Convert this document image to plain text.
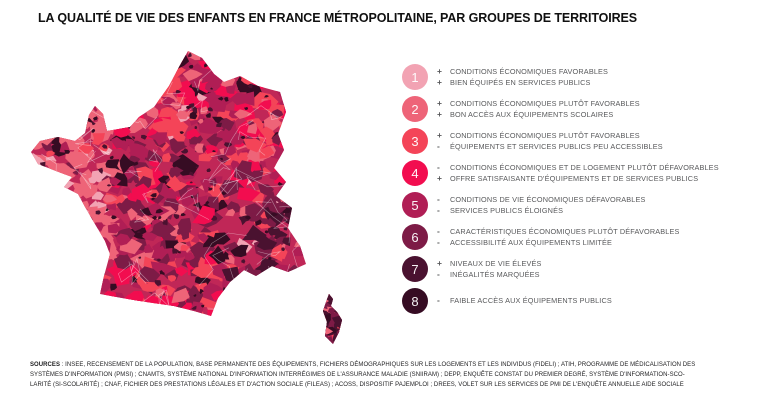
LA QUALITÉ DE VIE DES ENFANTS EN FRANCE MÉTROPOLITAINE, PAR GROUPES DE TERRITOIRES
1	+	CONDITIONS ÉCONOMIQUES FAVORABLES
+	BIEN ÉQUIPÉS EN SERVICES PUBLICS
2	+	CONDITIONS ÉCONOMIQUES PLUTÔT FAVORABLES
+	BON ACCÈS AUX ÉQUIPEMENTS SCOLAIRES
3	+	CONDITIONS ÉCONOMIQUES PLUTÔT FAVORABLES
-	ÉQUIPEMENTS ET SERVICES PUBLICS PEU ACCESSIBLES
4	-	CONDITIONS ÉCONOMIQUES ET DE LOGEMENT PLUTÔT DÉFAVORABLES
+	OFFRE SATISFAISANTE D'ÉQUIPEMENTS ET DE SERVICES PUBLICS
5	-	CONDITIONS DE VIE ÉCONOMIQUES DÉFAVORABLES
-	SERVICES PUBLICS ÉLOIGNÉS
6	-	CARACTÉRISTIQUES ÉCONOMIQUES PLUTÔT DÉFAVORABLES
-	ACCESSIBILITÉ AUX ÉQUIPEMENTS LIMITÉE
7	+	NIVEAUX DE VIE ÉLEVÉS
-	INÉGALITÉS MARQUÉES
8	-	FAIBLE ACCÈS AUX ÉQUIPEMENTS PUBLICS

SOURCES : INSEE, RECENSEMENT DE LA POPULATION, BASE PERMANENTE DES ÉQUIPEMENTS, FICHIERS DÉMOGRAPHIQUES SUR LES LOGEMENTS ET LES INDIVIDUS (FIDELI) ; ATIH, PROGRAMME DE MÉDICALISATION DES
SYSTÈMES D'INFORMATION (PMSI) ; CNAMTS, SYSTÈME NATIONAL D'INFORMATION INTERRÉGIMES DE L'ASSURANCE MALADIE (SNIIRAM) ; DEPP, ENQUÊTE CONSTAT DU PREMIER DEGRÉ, SYSTÈME D'INFORMATION-SCO-
LARITÉ (SI-SCOLARITÉ) ; CNAF, FICHIER DES PRESTATIONS LÉGALES ET D'ACTION SOCIALE (FILEAS) ; ACOSS, DISPOSITIF PAJEMPLOI ; DREES, VOLET SUR LES SERVICES DE PMI DE L'ENQUÊTE ANNUELLE AIDE SOCIALE
